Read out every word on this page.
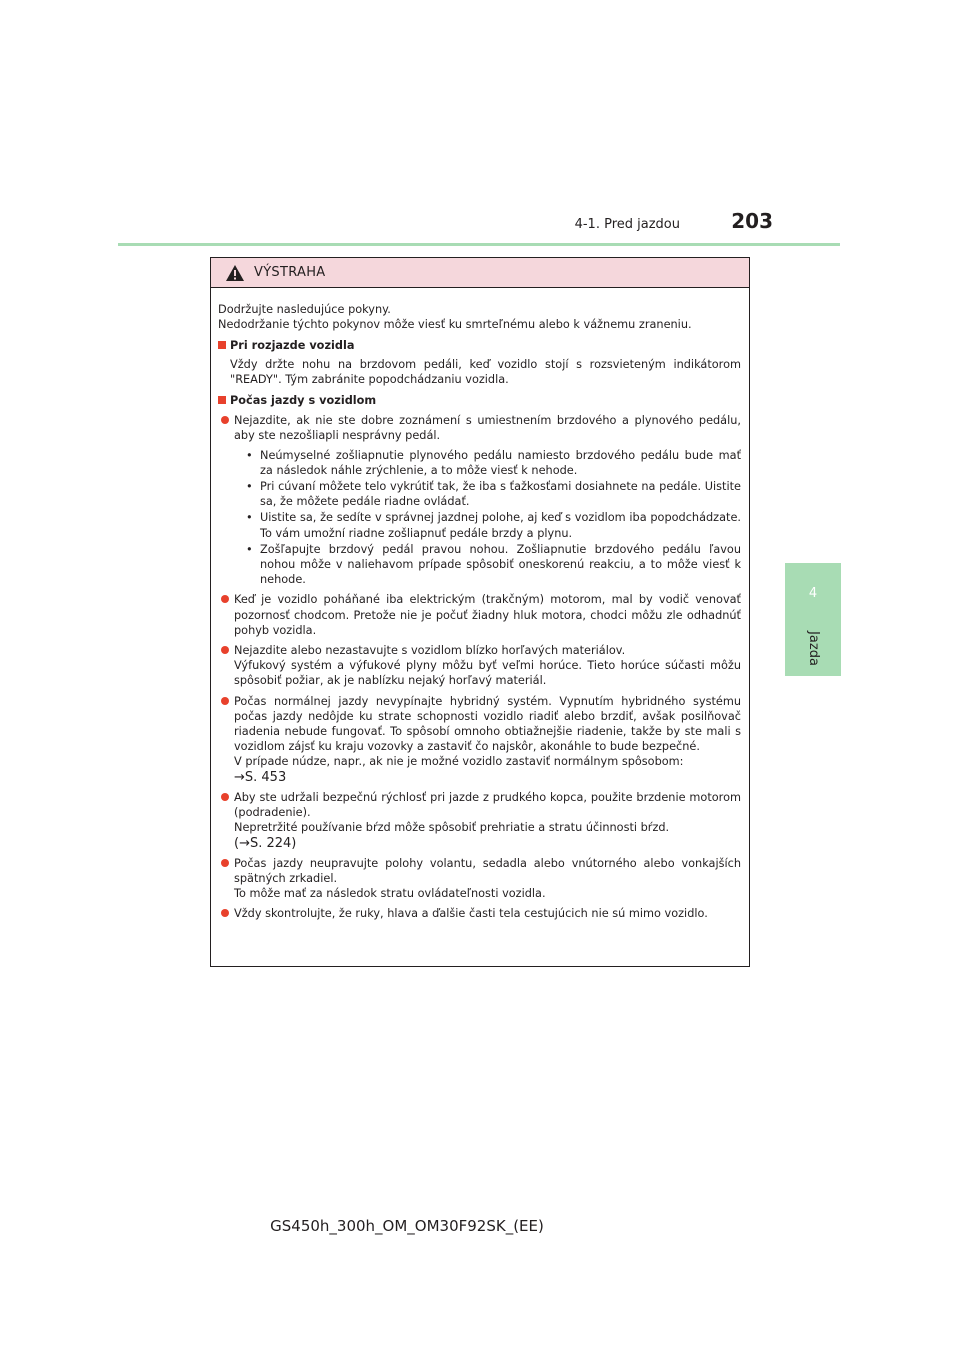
4-1. Pred jazdou	203
4
Jazda
VÝSTRAHA

Dodržujte nasledujúce pokyny.

Nedodržanie týchto pokynov môže viesť ku smrteľnému alebo k vážnemu zraneniu.

Pri rozjazde vozidla

Vždy držte nohu na brzdovom pedáli, keď vozidlo stojí s rozsvieteným indikátorom "READY". Tým zabránite popodchádzaniu vozidla.

Počas jazdy s vozidlom
Nejazdite, ak nie ste dobre zoznámení s umiestnením brzdového a plynového pedálu, aby ste nezošliapli nesprávny pedál.
• Neúmyselné zošliapnutie plynového pedálu namiesto brzdového pedálu bude mať za následok náhle zrýchlenie, a to môže viesť k nehode.
• Pri cúvaní môžete telo vykrútiť tak, že iba s ťažkosťami dosiahnete na pedále. Uistite sa, že môžete pedále riadne ovládať.
• Uistite sa, že sedíte v správnej jazdnej polohe, aj keď s vozidlom iba popodchádzate. To vám umožní riadne zošliapnuť pedále brzdy a plynu.
• Zošľapujte brzdový pedál pravou nohou. Zošliapnutie brzdového pedálu ľavou nohou môže v naliehavom prípade spôsobiť oneskorenú reakciu, a to môže viesť k nehode.
Keď je vozidlo poháňané iba elektrickým (trakčným) motorom, mal by vodič venovať pozornosť chodcom. Pretože nie je počuť žiadny hluk motora, chodci môžu zle odhadnúť pohyb vozidla.
Nejazdite alebo nezastavujte s vozidlom blízko horľavých materiálov.
Výfukový systém a výfukové plyny môžu byť veľmi horúce. Tieto horúce súčasti môžu spôsobiť požiar, ak je nablízku nejaký horľavý materiál.
Počas normálnej jazdy nevypínajte hybridný systém. Vypnutím hybridného systému počas jazdy nedôjde ku strate schopnosti vozidlo riadiť alebo brzdiť, avšak posilňovač riadenia nebude fungovať. To spôsobí omnoho obtiažnejšie riadenie, takže by ste mali s vozidlom zájsť ku kraju vozovky a zastaviť čo najskôr, akonáhle to bude bezpečné.
V prípade núdze, napr., ak nie je možné vozidlo zastaviť normálnym spôsobom:
→S. 453
Aby ste udržali bezpečnú rýchlosť pri jazde z prudkého kopca, použite brzdenie motorom (podradenie).
Nepretržité používanie bŕzd môže spôsobiť prehriatie a stratu účinnosti bŕzd.
(→S. 224)
Počas jazdy neupravujte polohy volantu, sedadla alebo vnútorného alebo vonkajších spätných zrkadiel.
To môže mať za následok stratu ovládateľnosti vozidla.
Vždy skontrolujte, že ruky, hlava a ďalšie časti tela cestujúcich nie sú mimo vozidlo.
GS450h_300h_OM_OM30F92SK_(EE)
